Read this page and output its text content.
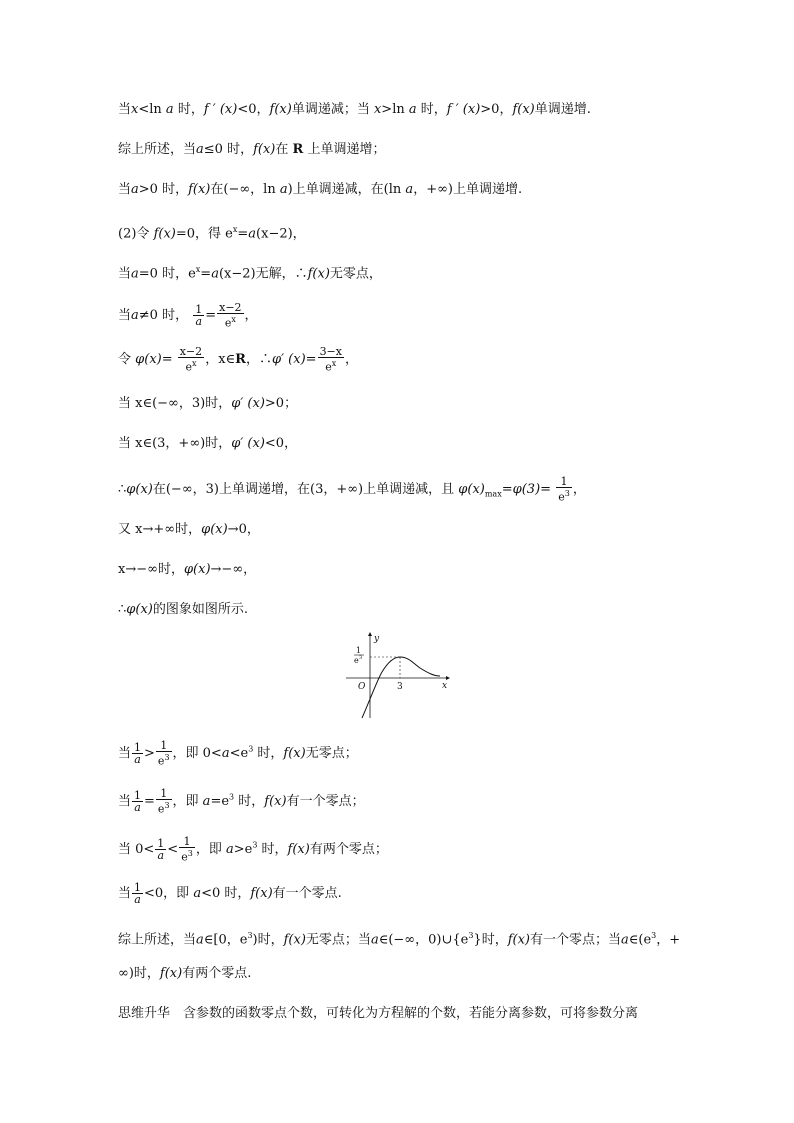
当x<ln a 时，f ′ (x)<0，f(x)单调递减；当 x>ln a 时，f ′ (x)>0，f(x)单调递增.
综上所述，当a≤0 时，f(x)在 R 上单调递增；
当a>0 时，f(x)在(−∞，ln a)上单调递减，在(ln a，+∞)上单调递增.
(2)令 f(x)=0，得 $e^x=a(x-2)$，
当a=0 时，$e^x=a(x-2)$无解，∴f(x)无零点，
当a≠0 时， $\frac{1}{a} = \frac{x-2}{e^x}$ ，
令 $\varphi(x)= \frac{x-2}{e^x}$ ，x∈R，∴φ′ $(x)= \frac{3-x}{e^x}$ ，
当 x∈(−∞，3)时，φ′ (x)>0；
当 x∈(3，+∞)时，φ′ (x)<0，
∴φ(x)在(−∞，3)上单调递增，在(3，+∞)上单调递减，且 $\varphi(x)_{max}=\varphi(3)= \frac{1}{e^3}$ ，
又 x→+∞时，φ(x)→0，
x→−∞时，φ(x)→−∞，
∴φ(x)的图象如图所示.
y
x
O	3
1
e 3
当 $\frac{1}{a} > \frac{1}{e^3}$ ，即 $0<a<e^3$ 时，f(x)无零点；
当 $\frac{1}{a} = \frac{1}{e^3}$ ，即 $a=e^3$ 时，f(x)有一个零点；
当 $0< \frac{1}{a} < \frac{1}{e^3}$ ，即 $a>e^3$ 时，f(x)有两个零点；
当 $\frac{1}{a} <0$，即 a<0 时，f(x)有一个零点.
综上所述，当a∈[0，$e^3$)时，f(x)无零点；当a∈(−∞，$0)\cup\{e^3\}$时，f(x)有一个零点；当$a\in(e^3$，+
∞)时，f(x)有两个零点.
思维升华　含参数的函数零点个数，可转化为方程解的个数，若能分离参数，可将参数分离
